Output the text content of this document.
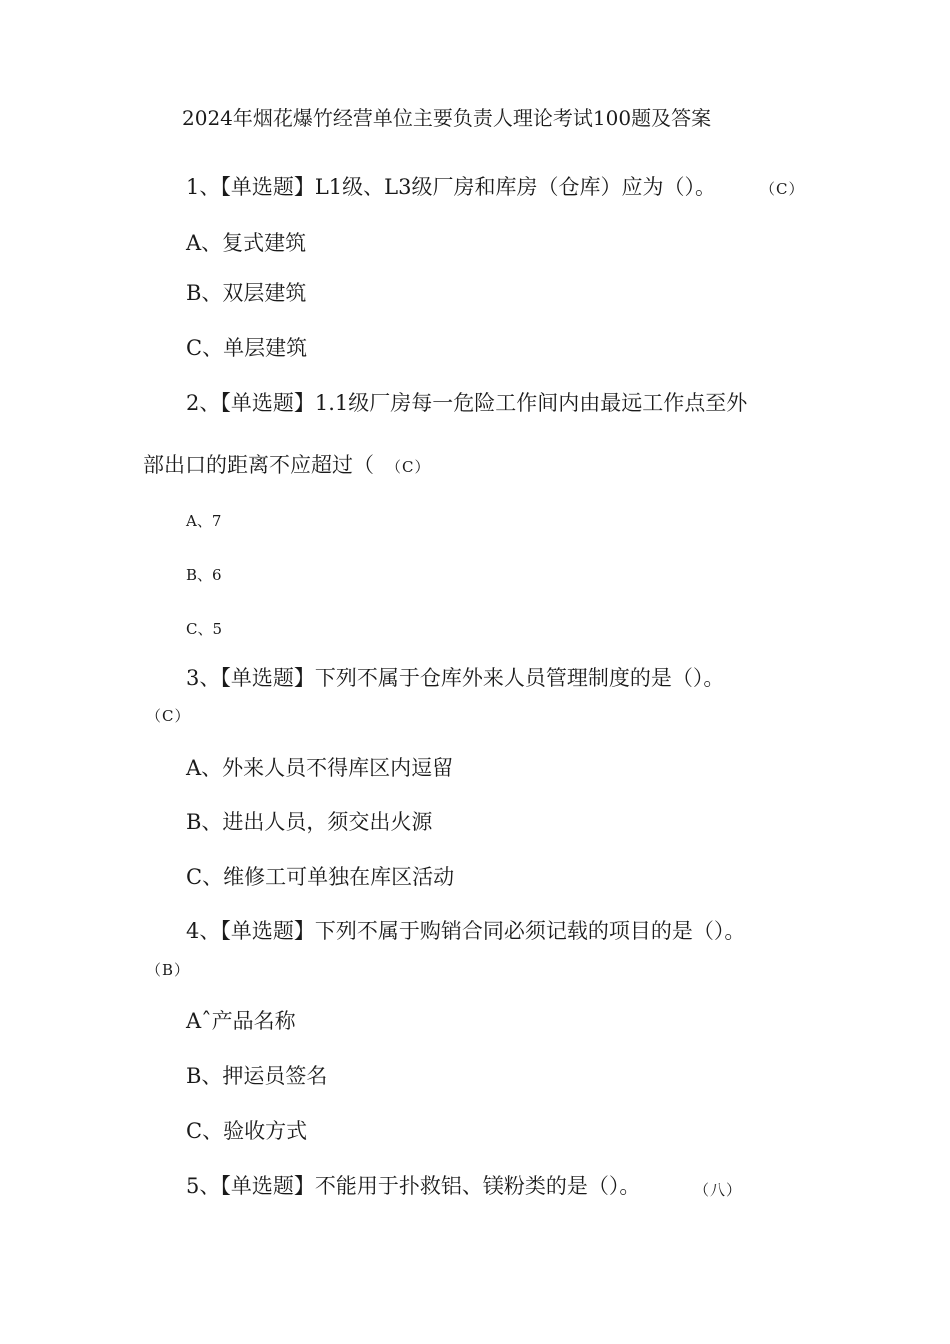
2024年烟花爆竹经营单位主要负责人理论考试100题及答案
1、【单选题】L1级、L3级厂房和库房（仓库）应为（）。	（C）
A、复式建筑
B、双层建筑
C、单层建筑
2、【单选题】1.1级厂房每一危险工作间内由最远工作点至外
部出口的距离不应超过（ （C）
A、7
B、6
C、5
3、【单选题】下列不属于仓库外来人员管理制度的是（）。
（C）
A、外来人员不得库区内逗留
B、进出人员，须交出火源
C、维修工可单独在库区活动
4、【单选题】下列不属于购销合同必须记载的项目的是（）。
（B）
Aˆ产品名称
B、押运员签名
C、验收方式
5、【单选题】不能用于扑救铝、镁粉类的是（）。	（八）
